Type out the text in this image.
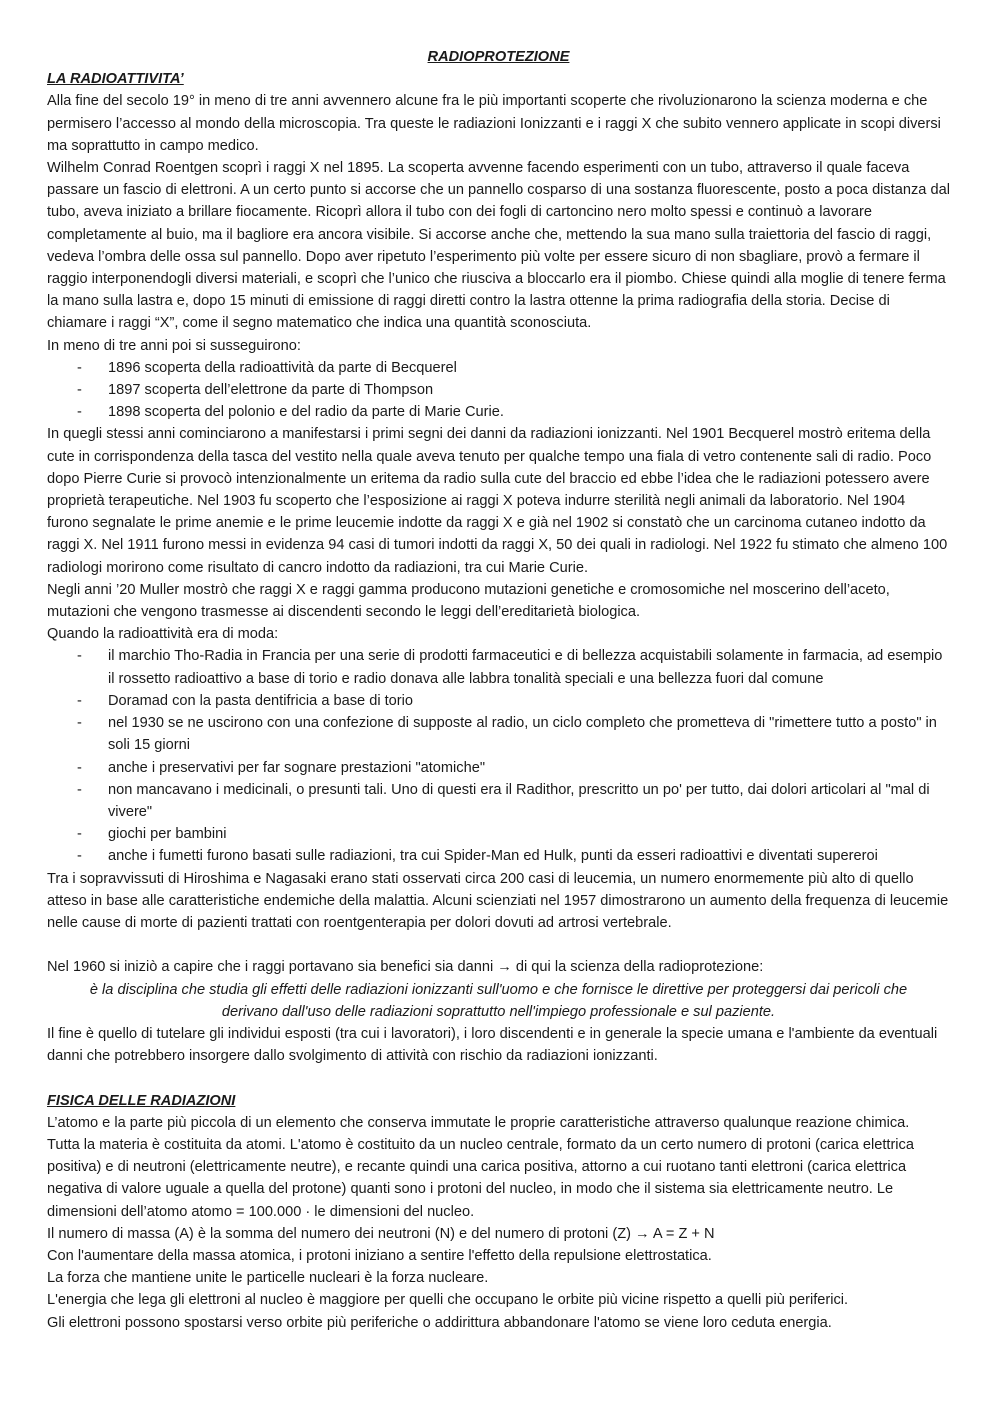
RADIOPROTEZIONE
LA RADIOATTIVITA’

Alla fine del secolo 19° in meno di tre anni avvennero alcune fra le più importanti scoperte che rivoluzionarono la scienza moderna e che permisero l’accesso al mondo della microscopia. Tra queste le radiazioni Ionizzanti e i raggi X che subito vennero applicate in scopi diversi ma soprattutto in campo medico.

Wilhelm Conrad Roentgen scoprì i raggi X nel 1895. La scoperta avvenne facendo esperimenti con un tubo, attraverso il quale faceva passare un fascio di elettroni. A un certo punto si accorse che un pannello cosparso di una sostanza fluorescente, posto a poca distanza dal tubo, aveva iniziato a brillare fiocamente. Ricoprì allora il tubo con dei fogli di cartoncino nero molto spessi e continuò a lavorare completamente al buio, ma il bagliore era ancora visibile. Si accorse anche che, mettendo la sua mano sulla traiettoria del fascio di raggi, vedeva l’ombra delle ossa sul pannello. Dopo aver ripetuto l’esperimento più volte per essere sicuro di non sbagliare, provò a fermare il raggio interponendogli diversi materiali, e scoprì che l’unico che riusciva a bloccarlo era il piombo. Chiese quindi alla moglie di tenere ferma la mano sulla lastra e, dopo 15 minuti di emissione di raggi diretti contro la lastra ottenne la prima radiografia della storia. Decise di chiamare i raggi “X”, come il segno matematico che indica una quantità sconosciuta.

In meno di tre anni poi si susseguirono:

- 1896 scoperta della radioattività da parte di Becquerel
- 1897 scoperta dell’elettrone da parte di Thompson
- 1898 scoperta del polonio e del radio da parte di Marie Curie.

In quegli stessi anni cominciarono a manifestarsi i primi segni dei danni da radiazioni ionizzanti. Nel 1901 Becquerel mostrò eritema della cute in corrispondenza della tasca del vestito nella quale aveva tenuto per qualche tempo una fiala di vetro contenente sali di radio. Poco dopo Pierre Curie si provocò intenzionalmente un eritema da radio sulla cute del braccio ed ebbe l’idea che le radiazioni potessero avere proprietà terapeutiche. Nel 1903 fu scoperto che l’esposizione ai raggi X poteva indurre sterilità negli animali da laboratorio. Nel 1904 furono segnalate le prime anemie e le prime leucemie indotte da raggi X e già nel 1902 si constatò che un carcinoma cutaneo indotto da raggi X. Nel 1911 furono messi in evidenza 94 casi di tumori indotti da raggi X, 50 dei quali in radiologi. Nel 1922 fu stimato che almeno 100 radiologi morirono come risultato di cancro indotto da radiazioni, tra cui Marie Curie.

Negli anni ’20 Muller mostrò che raggi X e raggi gamma producono mutazioni genetiche e cromosomiche nel moscerino dell’aceto, mutazioni che vengono trasmesse ai discendenti secondo le leggi dell’ereditarietà biologica.

Quando la radioattività era di moda:

- il marchio Tho-Radia in Francia per una serie di prodotti farmaceutici e di bellezza acquistabili solamente in farmacia, ad esempio il rossetto radioattivo a base di torio e radio donava alle labbra tonalità speciali e una bellezza fuori dal comune
- Doramad con la pasta dentifricia a base di torio
- nel 1930 se ne uscirono con una confezione di supposte al radio, un ciclo completo che prometteva di "rimettere tutto a posto" in soli 15 giorni
- anche i preservativi per far sognare prestazioni "atomiche"
- non mancavano i medicinali, o presunti tali. Uno di questi era il Radithor, prescritto un po' per tutto, dai dolori articolari al "mal di vivere"
- giochi per bambini
- anche i fumetti furono basati sulle radiazioni, tra cui Spider-Man ed Hulk, punti da esseri radioattivi e diventati supereroi

Tra i sopravvissuti di Hiroshima e Nagasaki erano stati osservati circa 200 casi di leucemia, un numero enormemente più alto di quello atteso in base alle caratteristiche endemiche della malattia. Alcuni scienziati nel 1957 dimostrarono un aumento della frequenza di leucemie nelle cause di morte di pazienti trattati con roentgenterapia per dolori dovuti ad artrosi vertebrale.

Nel 1960 si iniziò a capire che i raggi portavano sia benefici sia danni → di qui la scienza della radioprotezione:

è la disciplina che studia gli effetti delle radiazioni ionizzanti sull'uomo e che fornisce le direttive per proteggersi dai pericoli che derivano dall'uso delle radiazioni soprattutto nell'impiego professionale e sul paziente.

Il fine è quello di tutelare gli individui esposti (tra cui i lavoratori), i loro discendenti e in generale la specie umana e l'ambiente da eventuali danni che potrebbero insorgere dallo svolgimento di attività con rischio da radiazioni ionizzanti.

FISICA DELLE RADIAZIONI

L’atomo e la parte più piccola di un elemento che conserva immutate le proprie caratteristiche attraverso qualunque reazione chimica.

Tutta la materia è costituita da atomi. L'atomo è costituito da un nucleo centrale, formato da un certo numero di protoni (carica elettrica positiva) e di neutroni (elettricamente neutre), e recante quindi una carica positiva, attorno a cui ruotano tanti elettroni (carica elettrica negativa di valore uguale a quella del protone) quanti sono i protoni del nucleo, in modo che il sistema sia elettricamente neutro. Le dimensioni dell’atomo atomo = 100.000 · le dimensioni del nucleo.

Il numero di massa (A) è la somma del numero dei neutroni (N) e del numero di protoni (Z) → A = Z + N

Con l'aumentare della massa atomica, i protoni iniziano a sentire l'effetto della repulsione elettrostatica.

La forza che mantiene unite le particelle nucleari è la forza nucleare.

L'energia che lega gli elettroni al nucleo è maggiore per quelli che occupano le orbite più vicine rispetto a quelli più periferici.

Gli elettroni possono spostarsi verso orbite più periferiche o addirittura abbandonare l'atomo se viene loro ceduta energia.
